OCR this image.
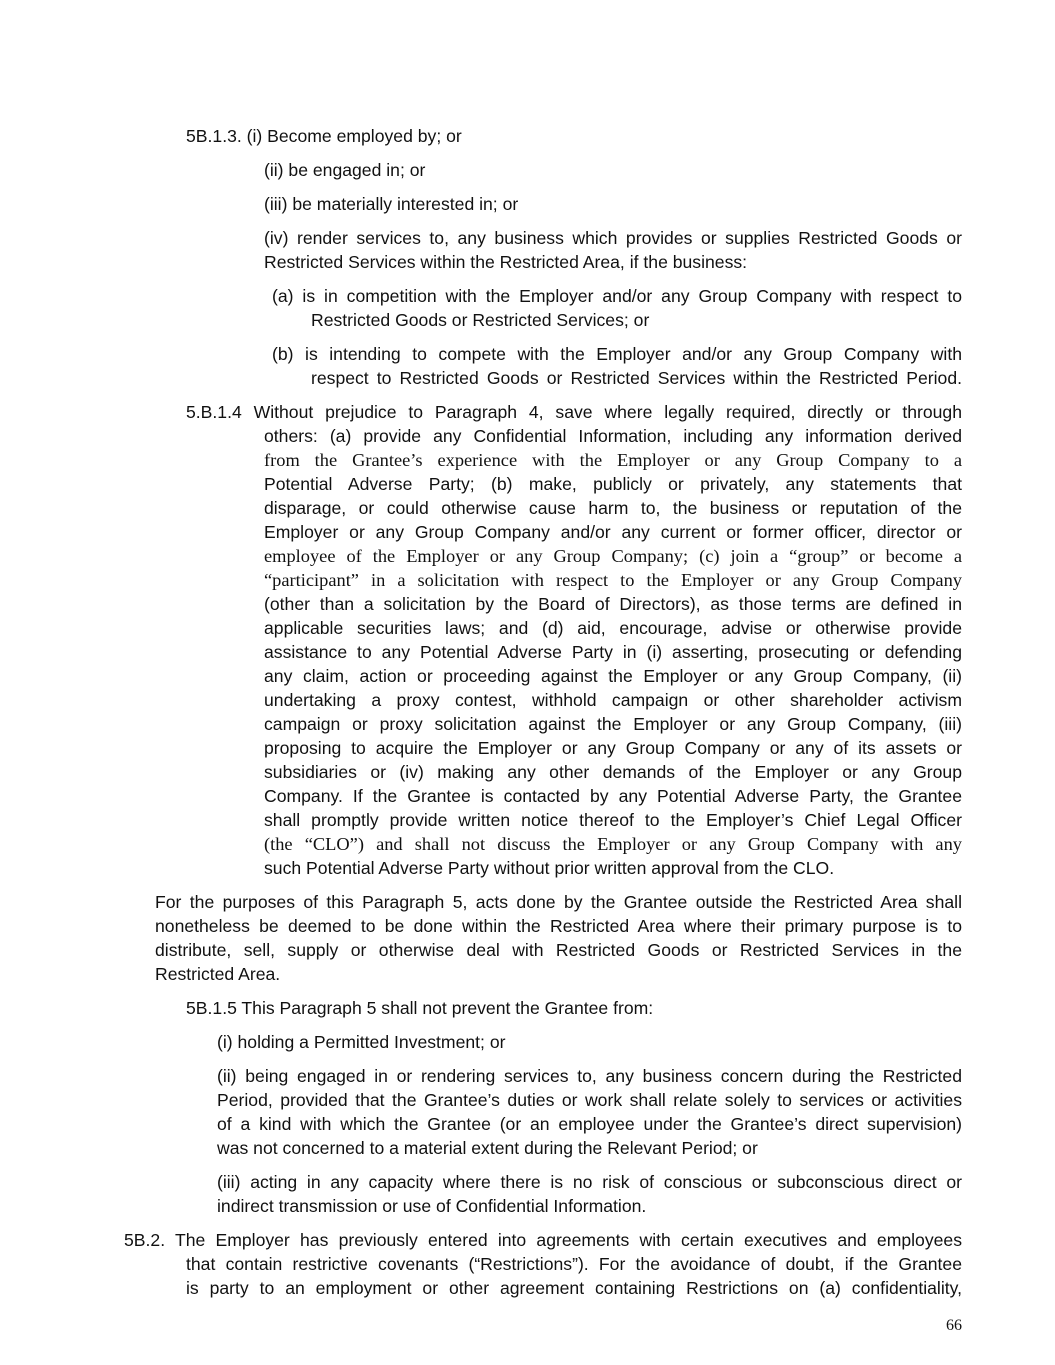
5B.1.3. (i) Become employed by; or
(ii) be engaged in; or
(iii) be materially interested in; or
(iv) render services to, any business which provides or supplies Restricted Goods or
Restricted Services within the Restricted Area, if the business:
(a) is in competition with the Employer and/or any Group Company with respect to
Restricted Goods or Restricted Services; or
(b) is intending to compete with the Employer and/or any Group Company with
respect to Restricted Goods or Restricted Services within the Restricted Period.
5.B.1.4 Without prejudice to Paragraph 4, save where legally required, directly or through
others: (a) provide any Confidential Information, including any information derived
from the Grantee’s experience with the Employer or any Group Company to a
Potential Adverse Party; (b) make, publicly or privately, any statements that
disparage, or could otherwise cause harm to, the business or reputation of the
Employer or any Group Company and/or any current or former officer, director or
employee of the Employer or any Group Company; (c) join a “group” or become a
“participant” in a solicitation with respect to the Employer or any Group Company
(other than a solicitation by the Board of Directors), as those terms are defined in
applicable securities laws; and (d) aid, encourage, advise or otherwise provide
assistance to any Potential Adverse Party in (i) asserting, prosecuting or defending
any claim, action or proceeding against the Employer or any Group Company, (ii)
undertaking a proxy contest, withhold campaign or other shareholder activism
campaign or proxy solicitation against the Employer or any Group Company, (iii)
proposing to acquire the Employer or any Group Company or any of its assets or
subsidiaries or (iv) making any other demands of the Employer or any Group
Company. If the Grantee is contacted by any Potential Adverse Party, the Grantee
shall promptly provide written notice thereof to the Employer’s Chief Legal Officer
(the “CLO”) and shall not discuss the Employer or any Group Company with any
such Potential Adverse Party without prior written approval from the CLO.
For the purposes of this Paragraph 5, acts done by the Grantee outside the Restricted Area shall
nonetheless be deemed to be done within the Restricted Area where their primary purpose is to
distribute, sell, supply or otherwise deal with Restricted Goods or Restricted Services in the
Restricted Area.
5B.1.5 This Paragraph 5 shall not prevent the Grantee from:
(i) holding a Permitted Investment; or
(ii) being engaged in or rendering services to, any business concern during the Restricted
Period, provided that the Grantee’s duties or work shall relate solely to services or activities
of a kind with which the Grantee (or an employee under the Grantee’s direct supervision)
was not concerned to a material extent during the Relevant Period; or
(iii) acting in any capacity where there is no risk of conscious or subconscious direct or
indirect transmission or use of Confidential Information.
5B.2. The Employer has previously entered into agreements with certain executives and employees
that contain restrictive covenants (“Restrictions”). For the avoidance of doubt, if the Grantee
is party to an employment or other agreement containing Restrictions on (a) confidentiality,
66
